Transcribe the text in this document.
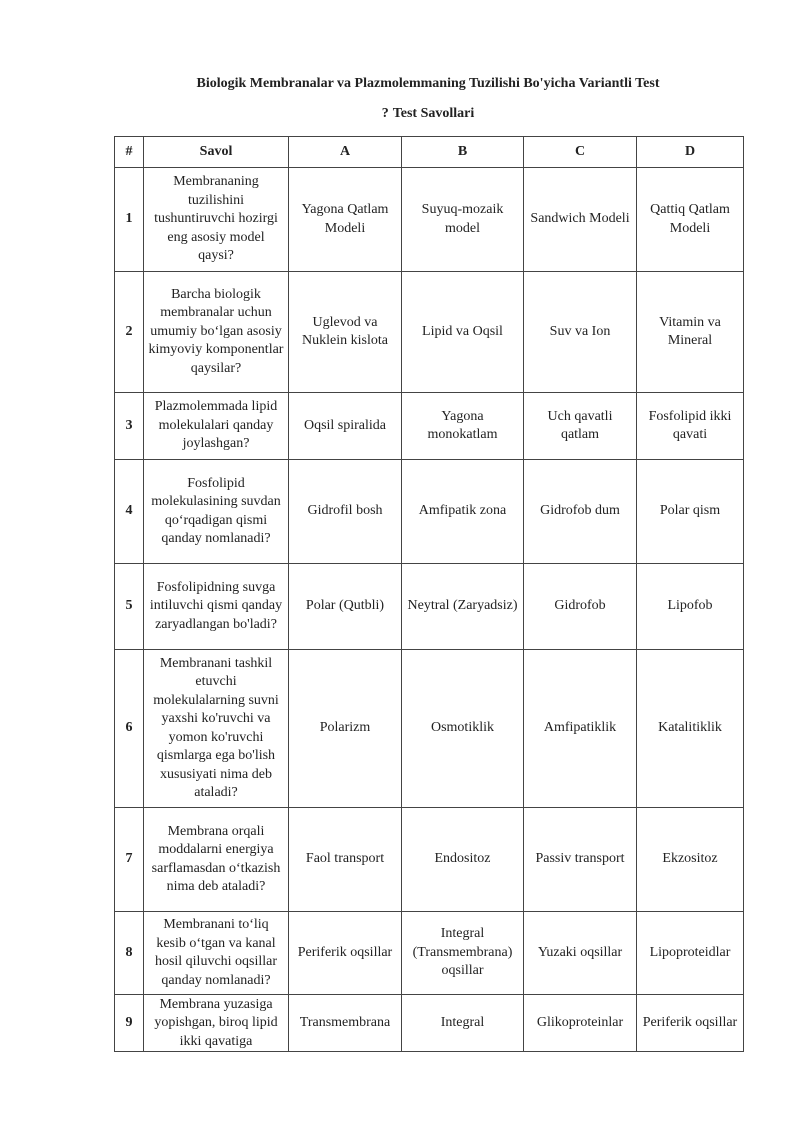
Biologik Membranalar va Plazmolemmaning Tuzilishi Bo'yicha Variantli Test
? Test Savollari
#	Savol	A	B	C	D
1	Membrananing tuzilishini tushuntiruvchi hozirgi eng asosiy model qaysi?	Yagona Qatlam Modeli	Suyuq-mozaik model	Sandwich Modeli	Qattiq Qatlam Modeli
2	Barcha biologik membranalar uchun umumiy bo‘lgan asosiy kimyoviy komponentlar qaysilar?	Uglevod va Nuklein kislota	Lipid va Oqsil	Suv va Ion	Vitamin va Mineral
3	Plazmolemmada lipid molekulalari qanday joylashgan?	Oqsil spiralida	Yagona monokatlam	Uch qavatli qatlam	Fosfolipid ikki qavati
4	Fosfolipid molekulasining suvdan qo‘rqadigan qismi qanday nomlanadi?	Gidrofil bosh	Amfipatik zona	Gidrofob dum	Polar qism
5	Fosfolipidning suvga intiluvchi qismi qanday zaryadlangan bo'ladi?	Polar (Qutbli)	Neytral (Zaryadsiz)	Gidrofob	Lipofob
6	Membranani tashkil etuvchi molekulalarning suvni yaxshi ko'ruvchi va yomon ko'ruvchi qismlarga ega bo'lish xususiyati nima deb ataladi?	Polarizm	Osmotiklik	Amfipatiklik	Katalitiklik
7	Membrana orqali moddalarni energiya sarflamasdan o‘tkazish nima deb ataladi?	Faol transport	Endositoz	Passiv transport	Ekzositoz
8	Membranani to‘liq kesib o‘tgan va kanal hosil qiluvchi oqsillar qanday nomlanadi?	Periferik oqsillar	Integral (Transmembrana) oqsillar	Yuzaki oqsillar	Lipoproteidlar
9	Membrana yuzasiga yopishgan, biroq lipid ikki qavatiga	Transmembrana	Integral	Glikoproteinlar	Periferik oqsillar
